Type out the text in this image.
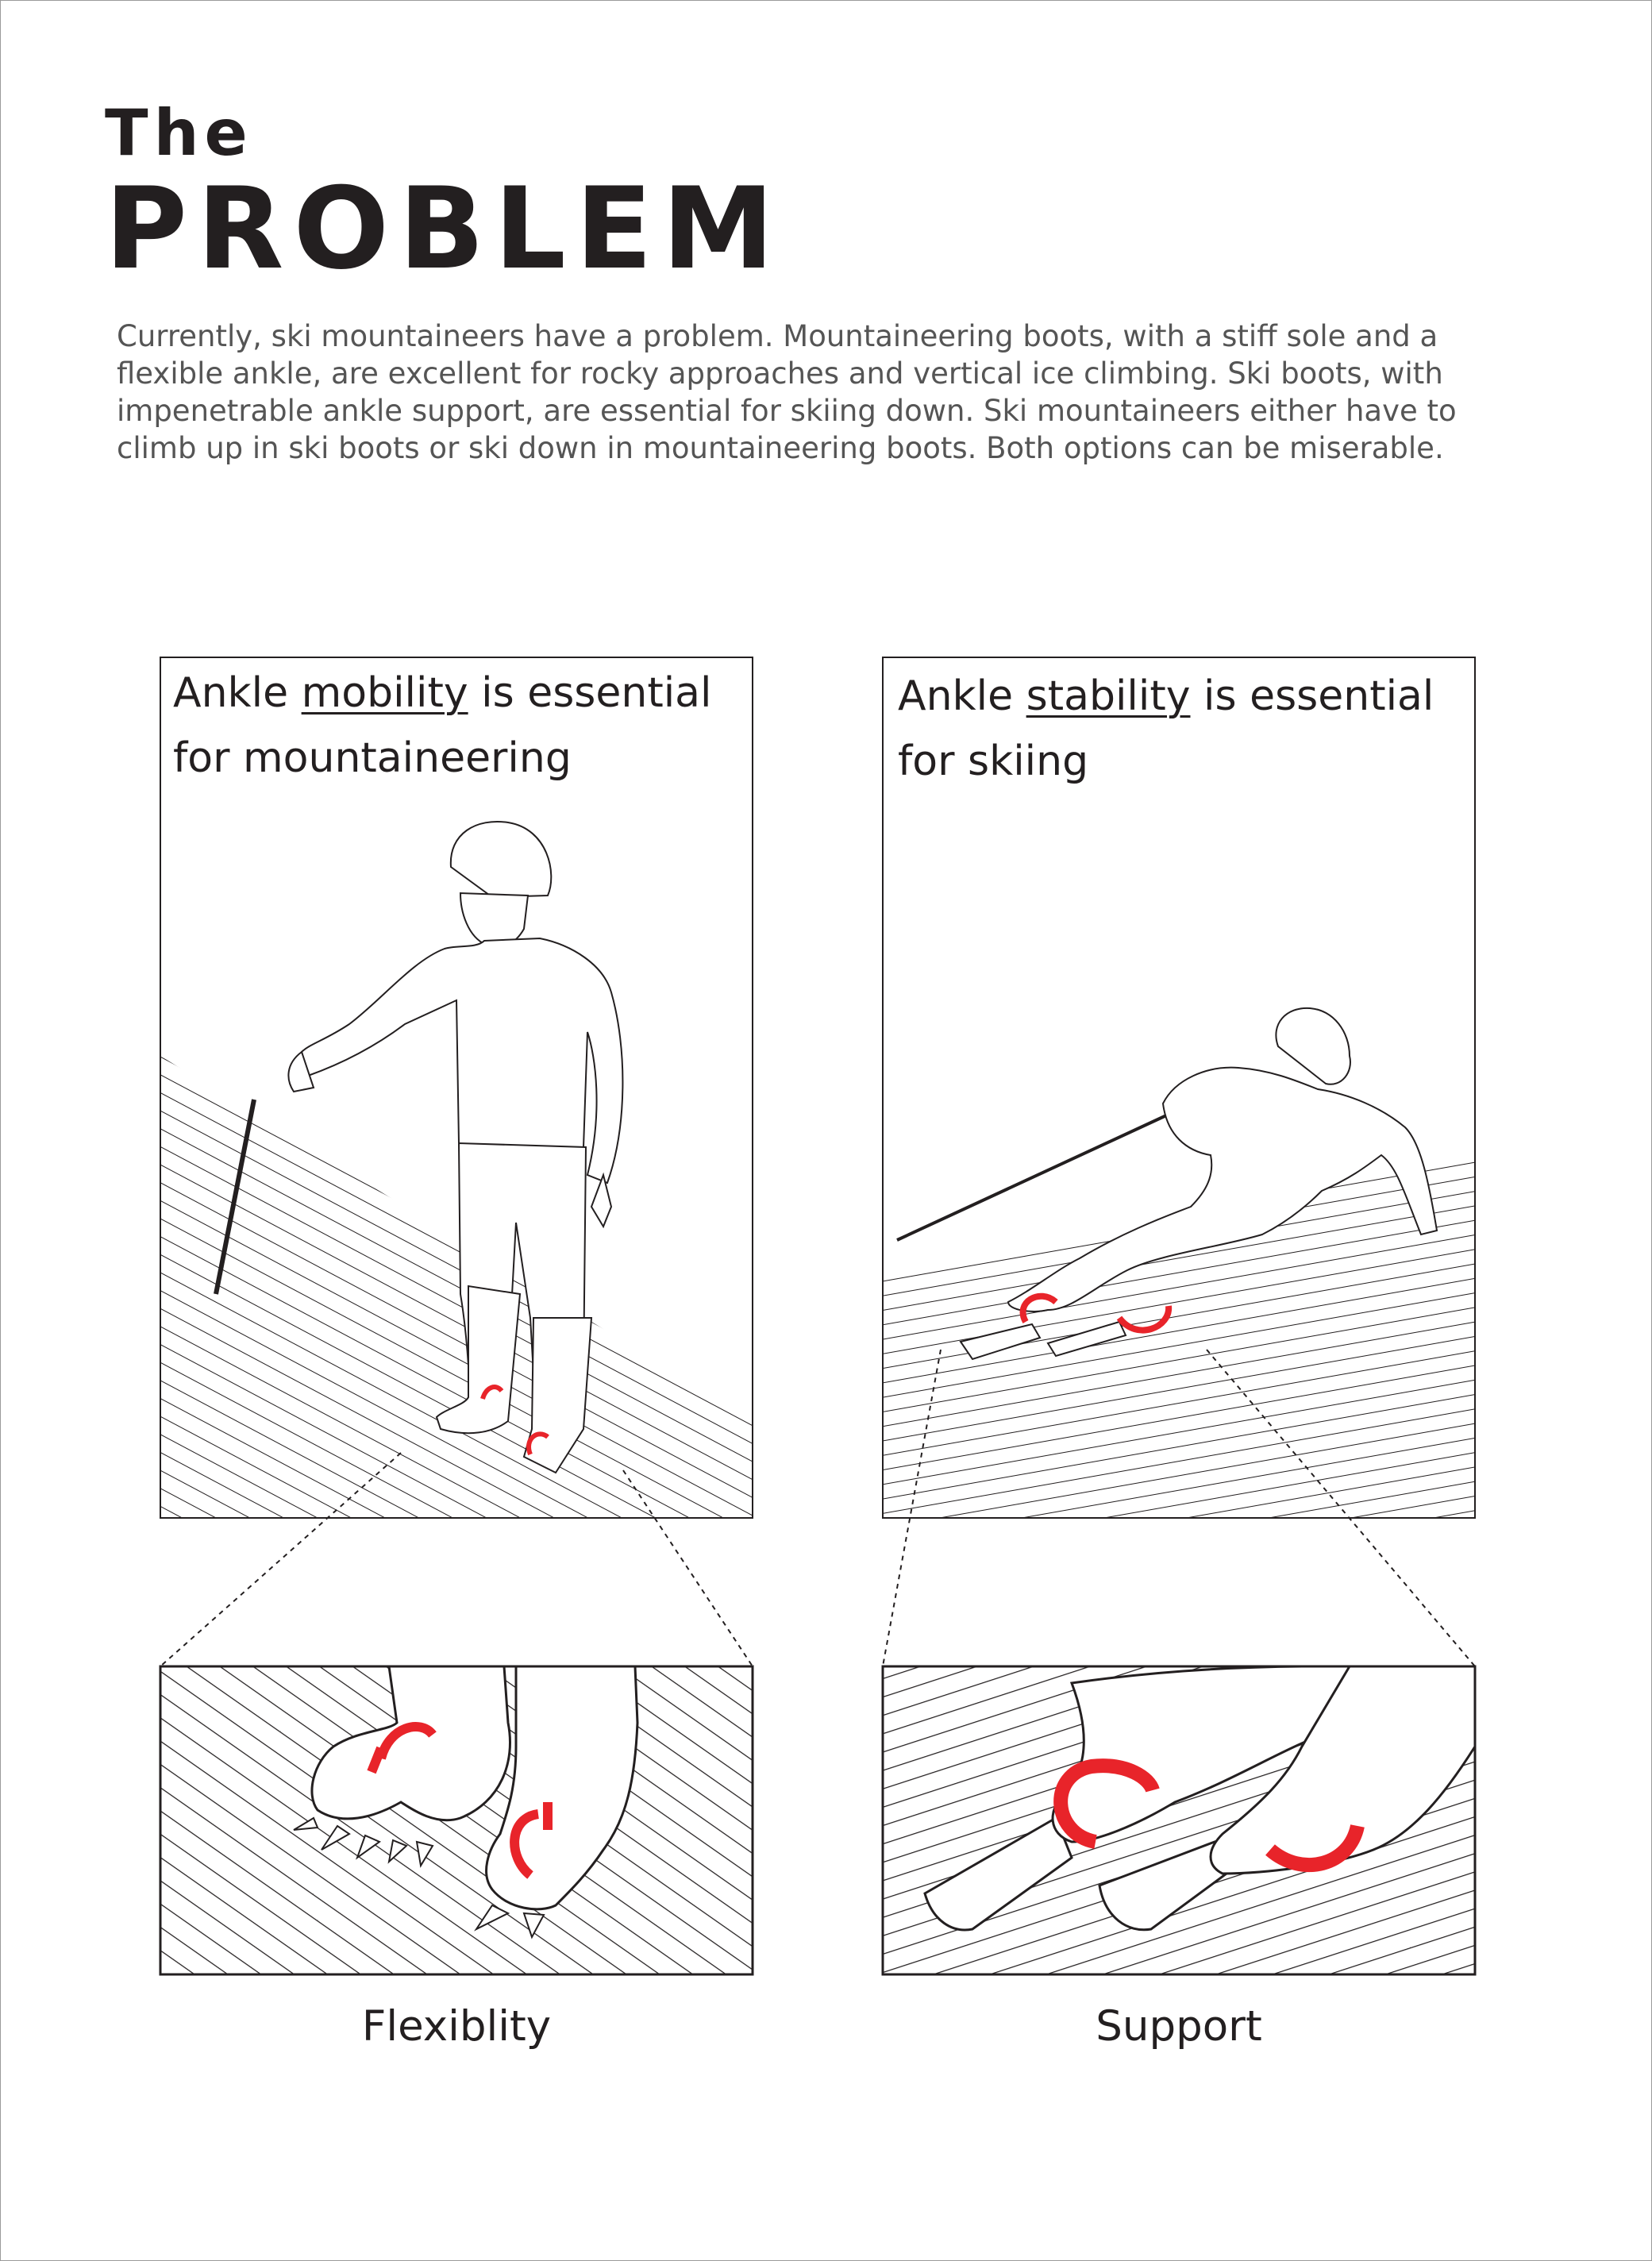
The
PROBLEM

Currently, ski mountaineers have a problem. Mountaineering boots, with a stiff sole and a flexible ankle, are excellent for rocky approaches and vertical ice climbing. Ski boots, with impenetrable ankle support, are essential for skiing down. Ski mountaineers either have to climb up in ski boots or ski down in mountaineering boots. Both options can be miserable.

Ankle mobility is essential for mountaineering
Ankle stability is essential for skiing
Flexiblity	Support
